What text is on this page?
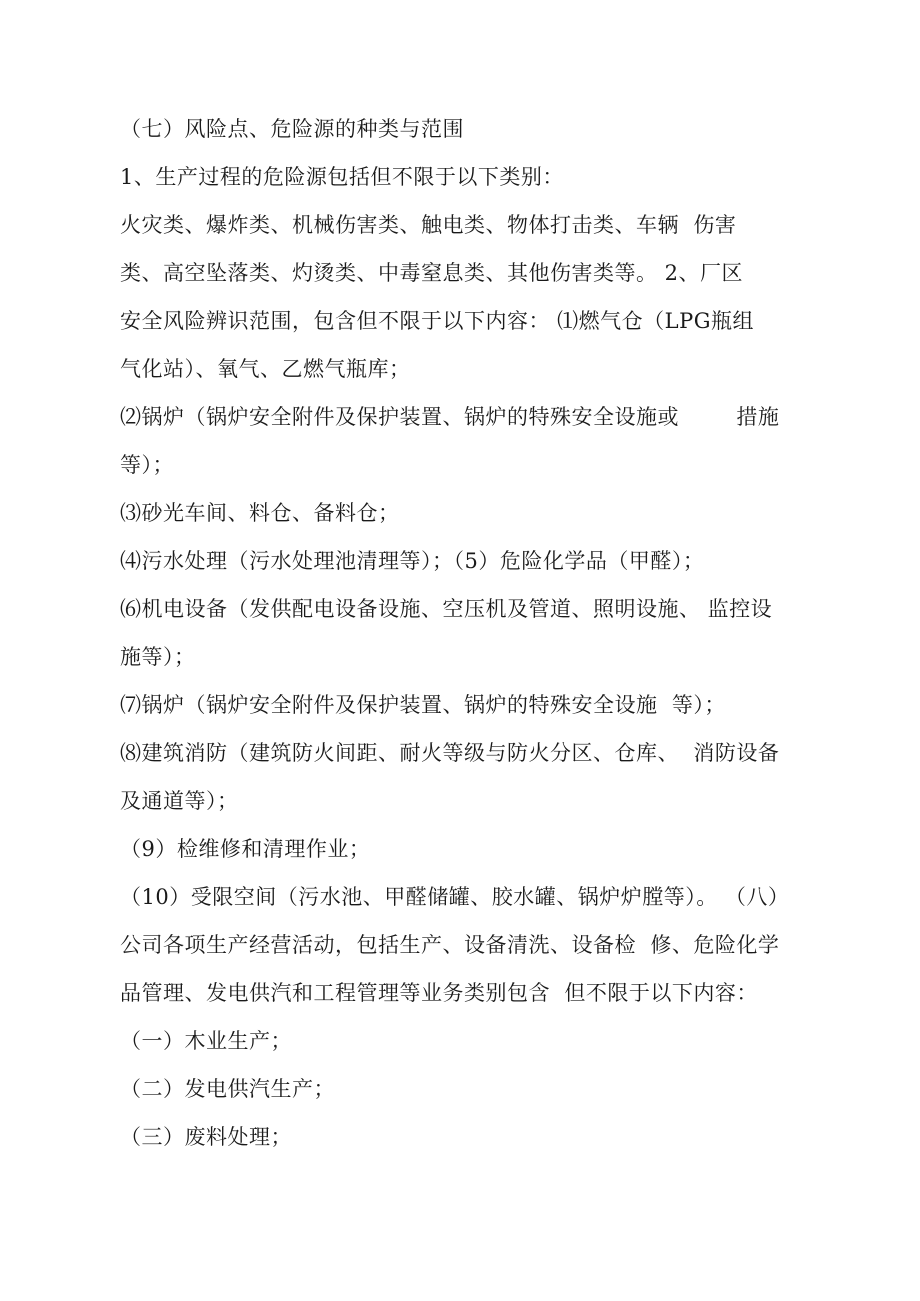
（七）风险点、危险源的种类与范围
1、生产过程的危险源包括但不限于以下类别：
火灾类、爆炸类、机械伤害类、触电类、物体打击类、车辆  伤害
类、高空坠落类、灼烫类、中毒窒息类、其他伤害类等。 2、厂区
安全风险辨识范围，包含但不限于以下内容： ⑴燃气仓（LPG瓶组
气化站）、氧气、乙燃气瓶库；
⑵锅炉（锅炉安全附件及保护装置、锅炉的特殊安全设施或        措施
等）；
⑶砂光车间、料仓、备料仓；
⑷污水处理（污水处理池清理等）；（5）危险化学品（甲醛）；
⑹机电设备（发供配电设备设施、空压机及管道、照明设施、 监控设
施等）；
⑺锅炉（锅炉安全附件及保护装置、锅炉的特殊安全设施  等）；
⑻建筑消防（建筑防火间距、耐火等级与防火分区、仓库、  消防设备
及通道等）；
（9）检维修和清理作业；
（10）受限空间（污水池、甲醛储罐、胶水罐、锅炉炉膛等）。 （八）
公司各项生产经营活动，包括生产、设备清洗、设备检  修、危险化学
品管理、发电供汽和工程管理等业务类别包含  但不限于以下内容：
（一）木业生产；
（二）发电供汽生产；
（三）废料处理；
